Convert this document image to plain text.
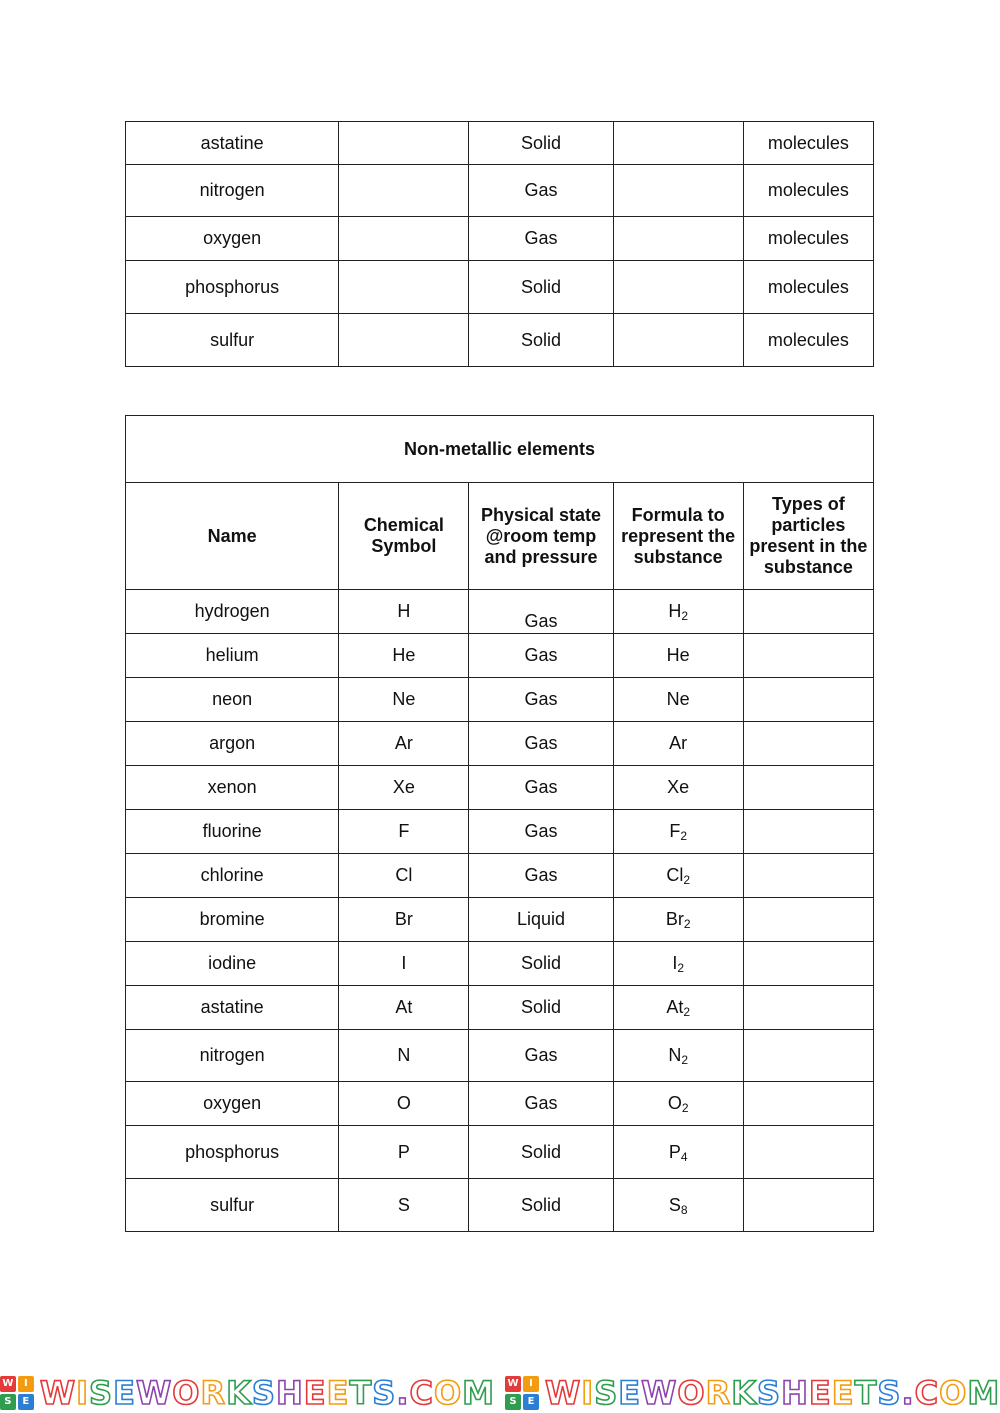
astatine		Solid		molecules
nitrogen		Gas		molecules
oxygen		Gas		molecules
phosphorus		Solid		molecules
sulfur		Solid		molecules
Non-metallic elements				
Name	Chemical Symbol	Physical state @room temp and pressure	Formula to represent the substance	Types of particles present in the substance
hydrogen	H	Gas	$H_2$	
helium	He	Gas	He	
neon	Ne	Gas	Ne	
argon	Ar	Gas	Ar	
xenon	Xe	Gas	Xe	
fluorine	F	Gas	$F_2$	
chlorine	Cl	Gas	$Cl_2$	
bromine	Br	Liquid	$Br_2$	
iodine	I	Solid	$I_2$	
astatine	At	Solid	$At_2$	
nitrogen	N	Gas	$N_2$	
oxygen	O	Gas	$O_2$	
phosphorus	P	Solid	$P_4$	
sulfur	S	Solid	$S_8$	
W	I
S	E WISEWORKSHEETS.COM W	I
S	E WISEWORKSHEETS.COM
